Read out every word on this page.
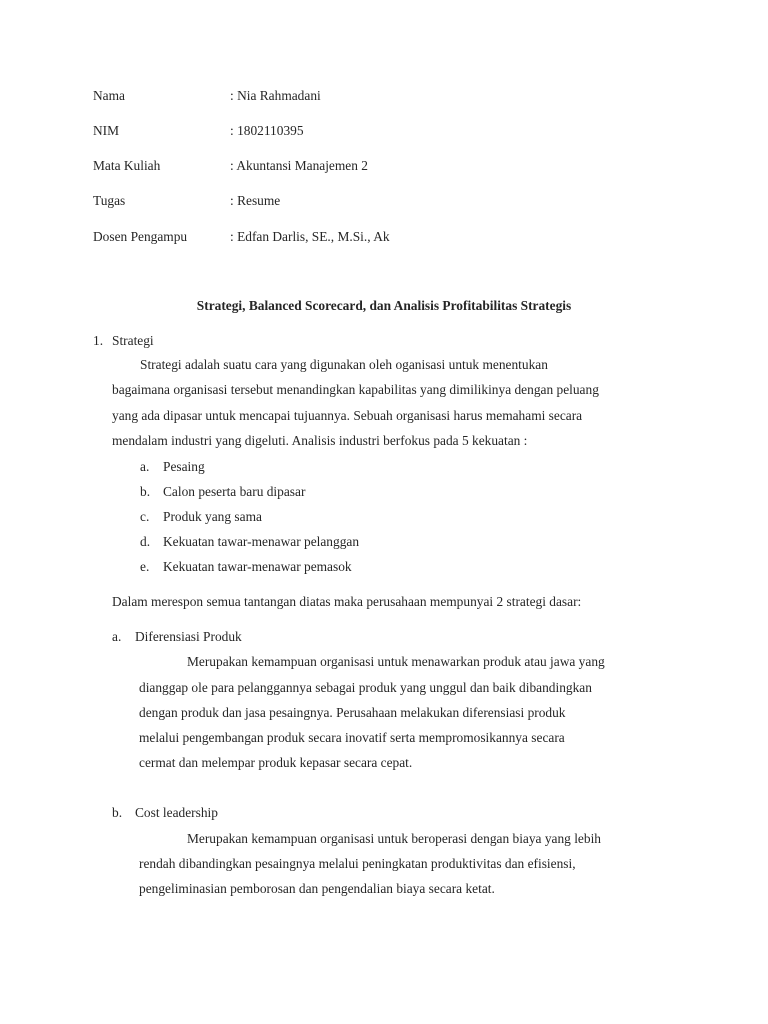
Nama	: Nia Rahmadani
NIM	: 1802110395
Mata Kuliah	: Akuntansi Manajemen 2
Tugas	: Resume
Dosen Pengampu	: Edfan Darlis, SE., M.Si., Ak
Strategi, Balanced Scorecard, dan Analisis Profitabilitas Strategis
1. Strategi
Strategi adalah suatu cara yang digunakan oleh oganisasi untuk menentukan
bagaimana organisasi tersebut menandingkan kapabilitas yang dimilikinya dengan peluang
yang ada dipasar untuk mencapai tujuannya. Sebuah organisasi harus memahami secara
mendalam industri yang digeluti. Analisis industri berfokus pada 5 kekuatan :
a. Pesaing
b. Calon peserta baru dipasar
c. Produk yang sama
d. Kekuatan tawar-menawar pelanggan
e. Kekuatan tawar-menawar pemasok
Dalam merespon semua tantangan diatas maka perusahaan mempunyai 2 strategi dasar:
a. Diferensiasi Produk
Merupakan kemampuan organisasi untuk menawarkan produk atau jawa yang
dianggap ole para pelanggannya sebagai produk yang unggul dan baik dibandingkan
dengan produk dan jasa pesaingnya. Perusahaan melakukan diferensiasi produk
melalui pengembangan produk secara inovatif serta mempromosikannya secara
cermat dan melempar produk kepasar secara cepat.
b. Cost leadership
Merupakan kemampuan organisasi untuk beroperasi dengan biaya yang lebih
rendah dibandingkan pesaingnya melalui peningkatan produktivitas dan efisiensi,
pengeliminasian pemborosan dan pengendalian biaya secara ketat.
